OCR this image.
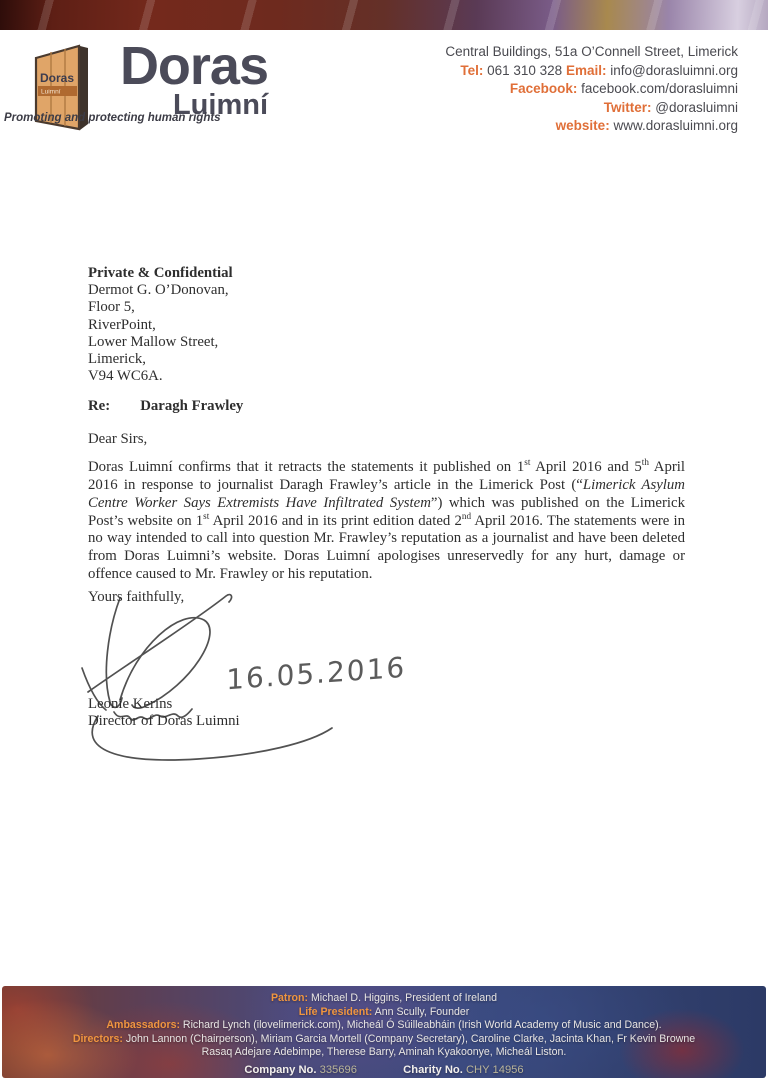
Doras
Luimní	Doras
Luimní
Promoting and protecting human rights
Central Buildings, 51a O’Connell Street, Limerick
Tel: 061 310 328 Email: info@dorasluimni.org
Facebook: facebook.com/dorasluimni
Twitter: @dorasluimni
website: www.dorasluimni.org
Private & Confidential
Dermot G. O’Donovan,
Floor 5,
RiverPoint,
Lower Mallow Street,
Limerick,
V94 WC6A.
Re: Daragh Frawley
Dear Sirs,

Doras Luimní confirms that it retracts the statements it published on 1st April 2016 and 5th April 2016 in response to journalist Daragh Frawley’s article in the Limerick Post (“Limerick Asylum Centre Worker Says Extremists Have Infiltrated System”) which was published on the Limerick Post’s website on 1st April 2016 and in its print edition dated 2nd April 2016. The statements were in no way intended to call into question Mr. Frawley’s reputation as a journalist and have been deleted from Doras Luimni’s website. Doras Luimní apologises unreservedly for any hurt, damage or offence caused to Mr. Frawley or his reputation.

Yours faithfully,
16.05.2016
Leonie Kerins
Director of Doras Luimni
Patron: Michael D. Higgins, President of Ireland
Life President: Ann Scully, Founder
Ambassadors: Richard Lynch (ilovelimerick.com), Micheál Ó Súilleabháin (Irish World Academy of Music and Dance).
Directors: John Lannon (Chairperson), Miriam Garcia Mortell (Company Secretary), Caroline Clarke, Jacinta Khan, Fr Kevin Browne
Rasaq Adejare Adebimpe, Therese Barry, Aminah Kyakoonye, Micheál Liston.
Company No. 335696	Charity No. CHY 14956
